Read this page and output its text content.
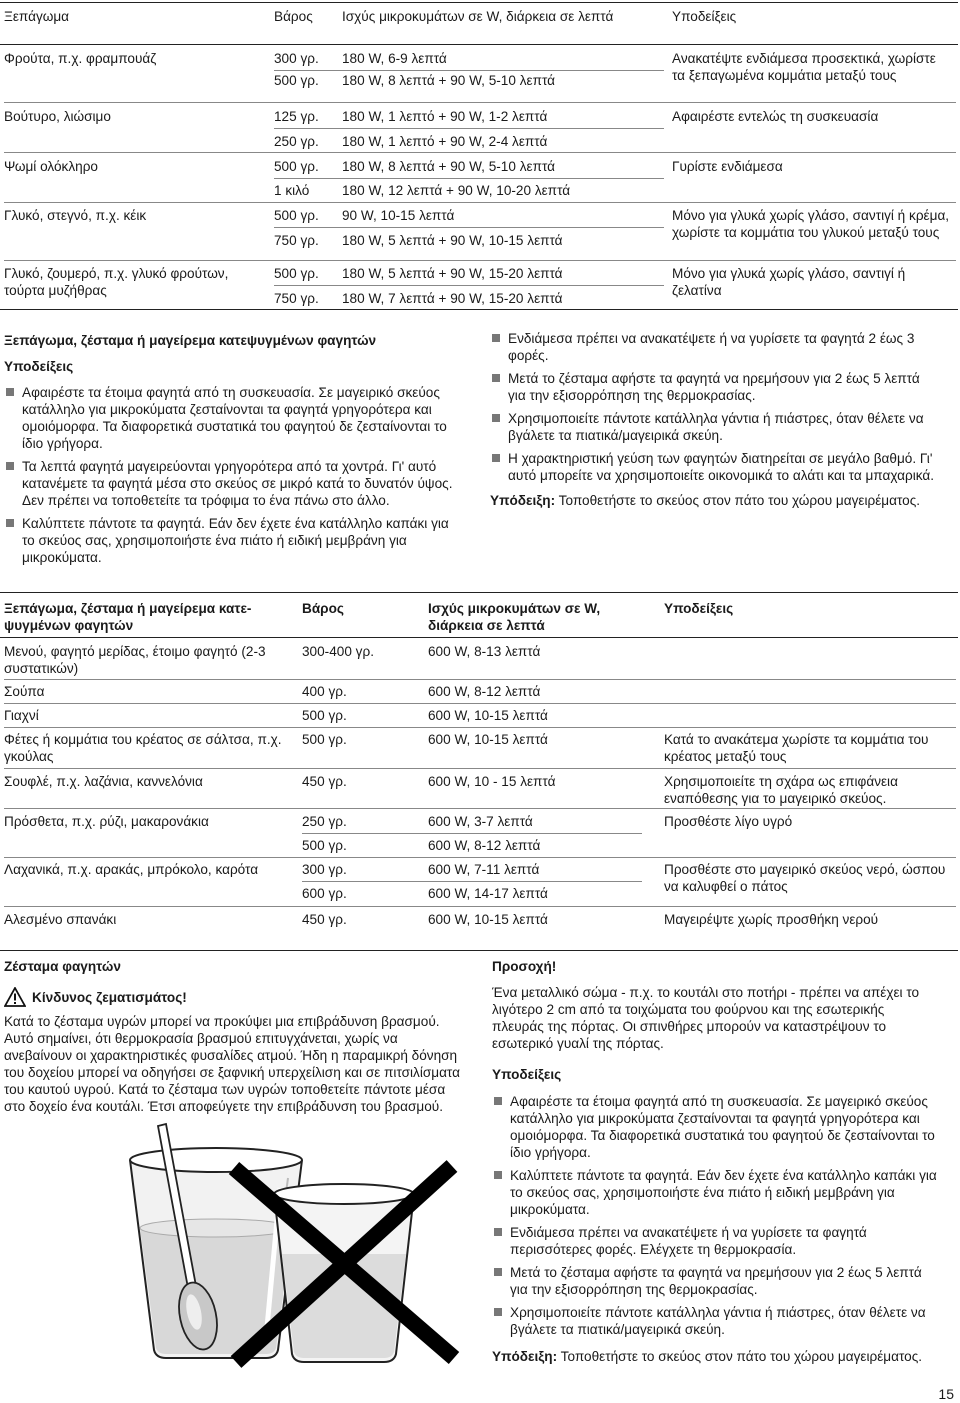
Ξεπάγωμα	Βάρος	Ισχύς μικροκυμάτων σε W, διάρκεια σε λεπτά	Υποδείξεις
Φρούτα, π.χ. φραμπουάζ	300 γρ. 180 W, 6-9 λεπτά	Ανακατέψτε ενδιάμεσα προσεκτικά, χωρίστε τα ξεπαγωμένα κομμάτια μεταξύ τους
500 γρ. 180 W, 8 λεπτά + 90 W, 5-10 λεπτά
Βούτυρο, λιώσιμο	125 γρ. 180 W, 1 λεπτό + 90 W, 1-2 λεπτά	Αφαιρέστε εντελώς τη συσκευασία
250 γρ. 180 W, 1 λεπτό + 90 W, 2-4 λεπτά
Ψωμί ολόκληρο	500 γρ. 180 W, 8 λεπτά + 90 W, 5-10 λεπτά	Γυρίστε ενδιάμεσα
1 κιλό 180 W, 12 λεπτά + 90 W, 10-20 λεπτά
Γλυκό, στεγνό, π.χ. κέικ	500 γρ. 90 W, 10-15 λεπτά	Μόνο για γλυκά χωρίς γλάσο, σαντιγί ή κρέμα, χωρίστε τα κομμάτια του γλυκού μεταξύ τους
750 γρ. 180 W, 5 λεπτά + 90 W, 10-15 λεπτά
Γλυκό, ζουμερό, π.χ. γλυκό φρούτων, τούρτα μυζήθρας
500 γρ. 180 W, 5 λεπτά + 90 W, 15-20 λεπτά	Μόνο για γλυκά χωρίς γλάσο, σαντιγί ή ζελατίνα
750 γρ. 180 W, 7 λεπτά + 90 W, 15-20 λεπτά
Ξεπάγωμα, ζέσταμα ή μαγείρεμα κατεψυγμένων φαγητών
Υποδείξεις
Αφαιρέστε τα έτοιμα φαγητά από τη συσκευασία. Σε μαγειρικό σκεύος κατάλληλο για μικροκύματα ζεσταίνονται τα φαγητά γρηγορότερα και ομοιόμορφα. Τα διαφορετικά συστατικά του φαγητού δε ζεσταίνονται το ίδιο γρήγορα.
Τα λεπτά φαγητά μαγειρεύονται γρηγορότερα από τα χοντρά. Γι' αυτό κατανέμετε τα φαγητά μέσα στο σκεύος σε μικρό κατά το δυνατόν ύψος. Δεν πρέπει να τοποθετείτε τα τρόφιμα το ένα πάνω στο άλλο.
Καλύπτετε πάντοτε τα φαγητά. Εάν δεν έχετε ένα κατάλληλο καπάκι για το σκεύος σας, χρησιμοποιήστε ένα πιάτο ή ειδική μεμβράνη για μικροκύματα.
Ενδιάμεσα πρέπει να ανακατέψετε ή να γυρίσετε τα φαγητά 2 έως 3 φορές.
Μετά το ζέσταμα αφήστε τα φαγητά να ηρεμήσουν για 2 έως 5 λεπτά για την εξισορρόπηση της θερμοκρασίας.
Χρησιμοποιείτε πάντοτε κατάλληλα γάντια ή πιάστρες, όταν θέλετε να βγάλετε τα πιατικά/μαγειρικά σκεύη.
Η χαρακτηριστική γεύση των φαγητών διατηρείται σε μεγάλο βαθμό. Γι' αυτό μπορείτε να χρησιμοποιείτε οικονομικά το αλάτι και τα μπαχαρικά.
Υπόδειξη: Τοποθετήστε το σκεύος στον πάτο του χώρου μαγειρέματος.
Ξεπάγωμα, ζέσταμα ή μαγείρεμα κατε-ψυγμένων φαγητών
Βάρος	Ισχύς μικροκυμάτων σε W, διάρκεια σε λεπτά
Υποδείξεις
Μενού, φαγητό μερίδας, έτοιμο φαγητό (2-3 συστατικών)
300-400 γρ.	600 W, 8-13 λεπτά
Σούπα	400 γρ.	600 W, 8-12 λεπτά
Γιαχνί	500 γρ.	600 W, 10-15 λεπτά
Φέτες ή κομμάτια του κρέατος σε σάλτσα, π.χ. γκούλας
500 γρ.	600 W, 10-15 λεπτά	Κατά το ανακάτεμα χωρίστε τα κομμάτια του κρέατος μεταξύ τους
Σουφλέ, π.χ. λαζάνια, καννελόνια	450 γρ.	600 W, 10 - 15 λεπτά	Χρησιμοποιείτε τη σχάρα ως επιφάνεια εναπόθεσης για το μαγειρικό σκεύος.
Πρόσθετα, π.χ. ρύζι, μακαρονάκια	250 γρ.	600 W, 3-7 λεπτά	Προσθέστε λίγο υγρό
500 γρ.	600 W, 8-12 λεπτά
Λαχανικά, π.χ. αρακάς, μπρόκολο, καρότα	300 γρ.	600 W, 7-11 λεπτά	Προσθέστε στο μαγειρικό σκεύος νερό, ώσπου να καλυφθεί ο πάτος
600 γρ.	600 W, 14-17 λεπτά
Αλεσμένο σπανάκι	450 γρ.	600 W, 10-15 λεπτά	Μαγειρέψτε χωρίς προσθήκη νερού
Ζέσταμα φαγητών
Κίνδυνος ζεματισμάτος!
Κατά το ζέσταμα υγρών μπορεί να προκύψει μια επιβράδυνση βρασμού. Αυτό σημαίνει, ότι θερμοκρασία βρασμού επιτυγχάνεται, χωρίς να ανεβαίνουν οι χαρακτηριστικές φυσαλίδες ατμού. Ήδη η παραμικρή δόνηση του δοχείου μπορεί να οδηγήσει σε ξαφνική υπερχείλιση και σε πιτσιλίσματα του καυτού υγρού. Κατά το ζέσταμα των υγρών τοποθετείτε πάντοτε μέσα στο δοχείο ένα κουτάλι. Έτσι αποφεύγετε την επιβράδυνση του βρασμού.
Προσοχή!
Ένα μεταλλικό σώμα - π.χ. το κουτάλι στο ποτήρι - πρέπει να απέχει το λιγότερο 2 cm από τα τοιχώματα του φούρνου και της εσωτερικής πλευράς της πόρτας. Οι σπινθήρες μπορούν να καταστρέψουν το εσωτερικό γυαλί της πόρτας.
Υποδείξεις
Αφαιρέστε τα έτοιμα φαγητά από τη συσκευασία. Σε μαγειρικό σκεύος κατάλληλο για μικροκύματα ζεσταίνονται τα φαγητά γρηγορότερα και ομοιόμορφα. Τα διαφορετικά συστατικά του φαγητού δε ζεσταίνονται το ίδιο γρήγορα.
Καλύπτετε πάντοτε τα φαγητά. Εάν δεν έχετε ένα κατάλληλο καπάκι για το σκεύος σας, χρησιμοποιήστε ένα πιάτο ή ειδική μεμβράνη για μικροκύματα.
Ενδιάμεσα πρέπει να ανακατέψετε ή να γυρίσετε τα φαγητά περισσότερες φορές. Ελέγχετε τη θερμοκρασία.
Μετά το ζέσταμα αφήστε τα φαγητά να ηρεμήσουν για 2 έως 5 λεπτά για την εξισορρόπηση της θερμοκρασίας.
Χρησιμοποιείτε πάντοτε κατάλληλα γάντια ή πιάστρες, όταν θέλετε να βγάλετε τα πιατικά/μαγειρικά σκεύη.
Υπόδειξη: Τοποθετήστε το σκεύος στον πάτο του χώρου μαγειρέματος.
15
